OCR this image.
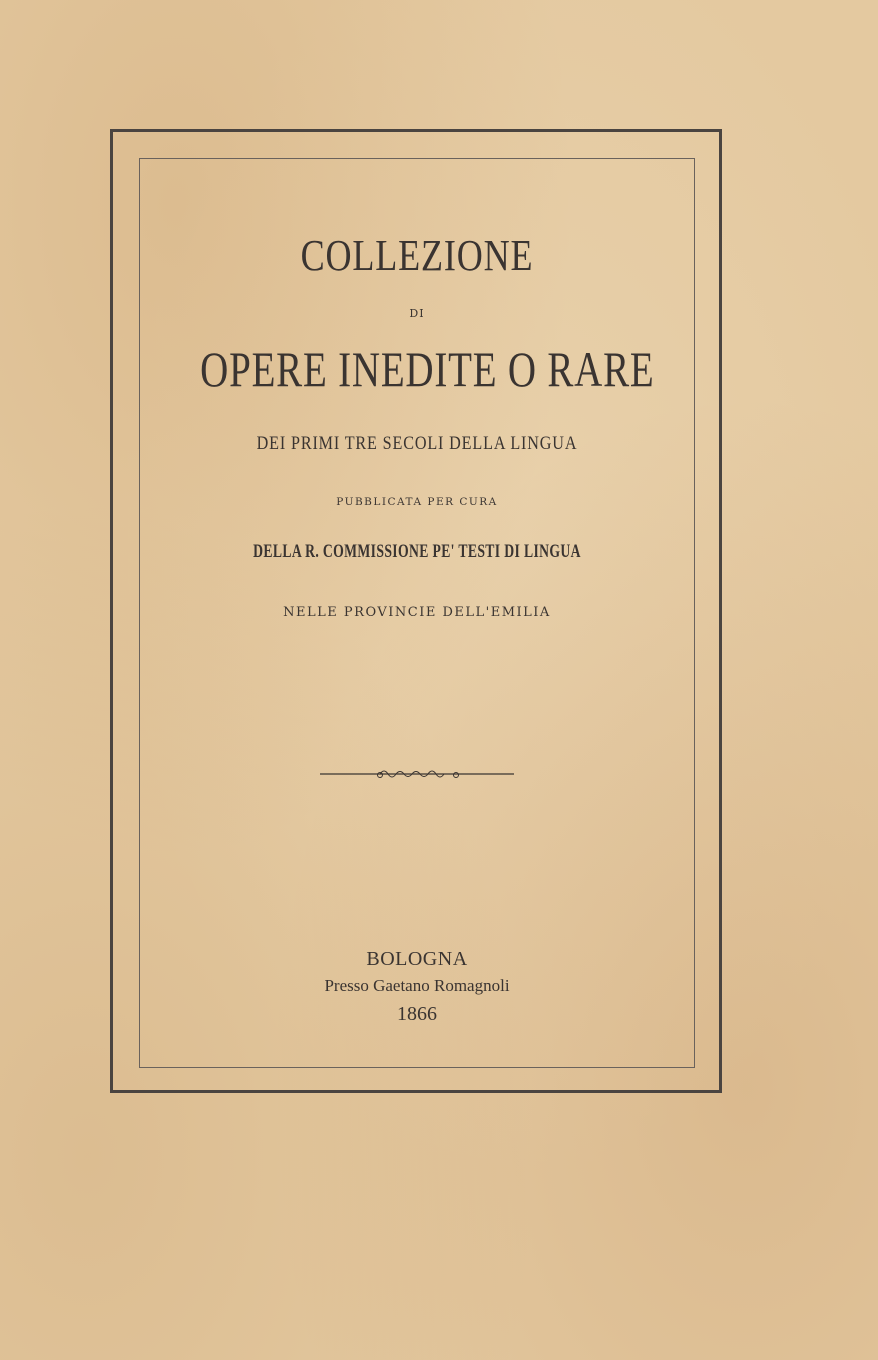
COLLEZIONE
DI
OPERE INEDITE O RARE
DEI PRIMI TRE SECOLI DELLA LINGUA
PUBBLICATA PER CURA
DELLA R. COMMISSIONE PE' TESTI DI LINGUA
NELLE PROVINCIE DELL'EMILIA
BOLOGNA
Presso Gaetano Romagnoli
1866
